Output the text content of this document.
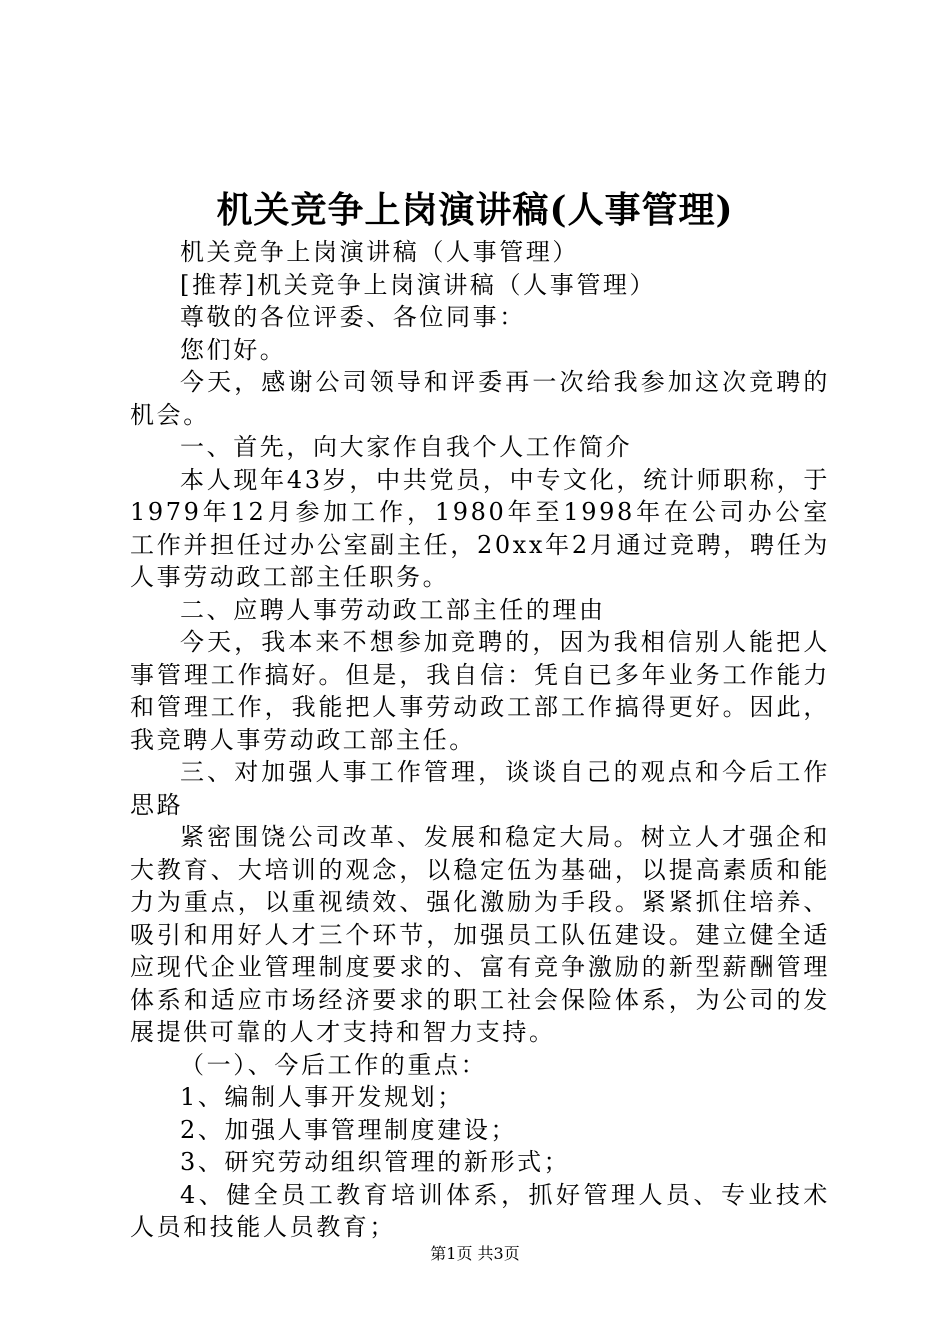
机关竞争上岗演讲稿(人事管理)

机关竞争上岗演讲稿（人事管理）

[推荐]机关竞争上岗演讲稿（人事管理）

尊敬的各位评委、各位同事：

您们好。

今天，感谢公司领导和评委再一次给我参加这次竞聘的机会。

一、首先，向大家作自我个人工作简介

本人现年43岁，中共党员，中专文化，统计师职称，于1979年12月参加工作，1980年至1998年在公司办公室工作并担任过办公室副主任，20xx年2月通过竞聘，聘任为人事劳动政工部主任职务。

二、应聘人事劳动政工部主任的理由

今天，我本来不想参加竞聘的，因为我相信别人能把人事管理工作搞好。但是，我自信：凭自已多年业务工作能力和管理工作，我能把人事劳动政工部工作搞得更好。因此，我竞聘人事劳动政工部主任。

三、对加强人事工作管理，谈谈自己的观点和今后工作思路

紧密围饶公司改革、发展和稳定大局。树立人才强企和大教育、大培训的观念，以稳定伍为基础，以提高素质和能力为重点，以重视绩效、强化激励为手段。紧紧抓住培养、吸引和用好人才三个环节，加强员工队伍建设。建立健全适应现代企业管理制度要求的、富有竞争激励的新型薪酬管理体系和适应市场经济要求的职工社会保险体系，为公司的发展提供可靠的人才支持和智力支持。

（一）、今后工作的重点：

1、编制人事开发规划；

2、加强人事管理制度建设；

3、研究劳动组织管理的新形式；

4、健全员工教育培训体系，抓好管理人员、专业技术人员和技能人员教育；

第1页 共3页
